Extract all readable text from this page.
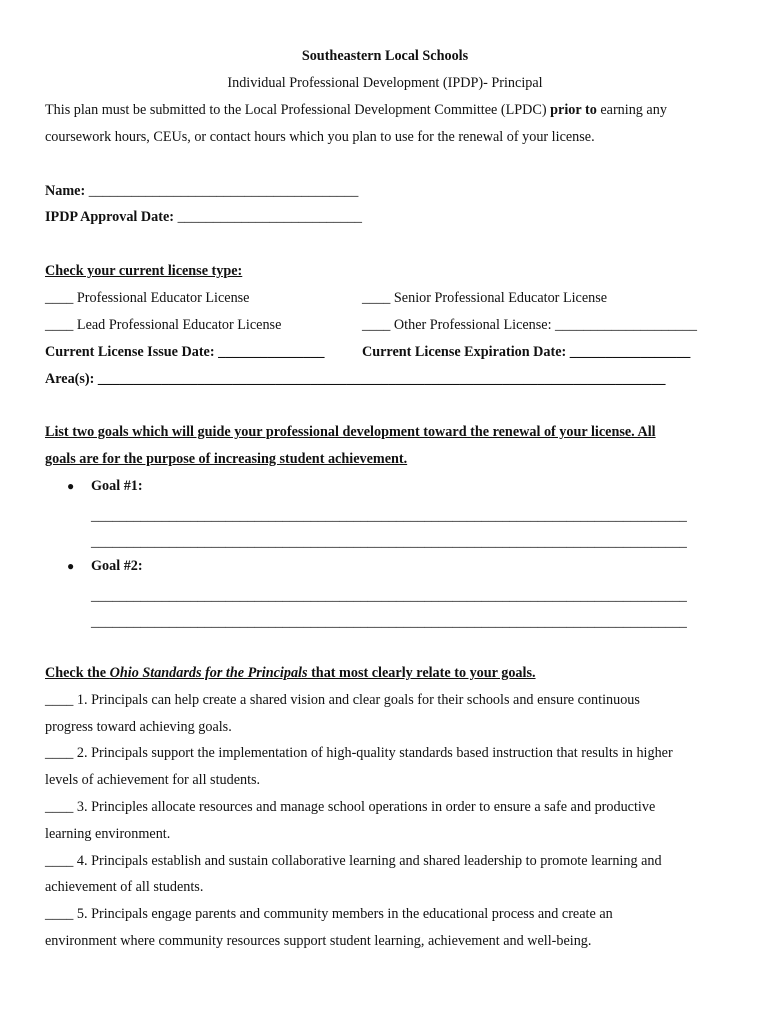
Southeastern Local Schools
Individual Professional Development (IPDP)- Principal
This plan must be submitted to the Local Professional Development Committee (LPDC) prior to earning any
coursework hours, CEUs, or contact hours which you plan to use for the renewal of your license.
Name: ______________________________________
IPDP Approval Date: __________________________
Check your current license type:
____ Professional Educator License	____ Senior Professional Educator License
____ Lead Professional Educator License	____ Other Professional License: ____________________
Current License Issue Date: _______________	Current License Expiration Date: _________________
Area(s): ________________________________________________________________________________
List two goals which will guide your professional development toward the renewal of your license. All
goals are for the purpose of increasing student achievement.
● Goal #1:
____________________________________________________________________________________
____________________________________________________________________________________
● Goal #2:
____________________________________________________________________________________
____________________________________________________________________________________
Check the Ohio Standards for the Principals that most clearly relate to your goals.
____ 1. Principals can help create a shared vision and clear goals for their schools and ensure continuous
progress toward achieving goals.
____ 2. Principals support the implementation of high-quality standards based instruction that results in higher
levels of achievement for all students.
____ 3. Principles allocate resources and manage school operations in order to ensure a safe and productive
learning environment.
____ 4. Principals establish and sustain collaborative learning and shared leadership to promote learning and
achievement of all students.
____ 5. Principals engage parents and community members in the educational process and create an
environment where community resources support student learning, achievement and well-being.
